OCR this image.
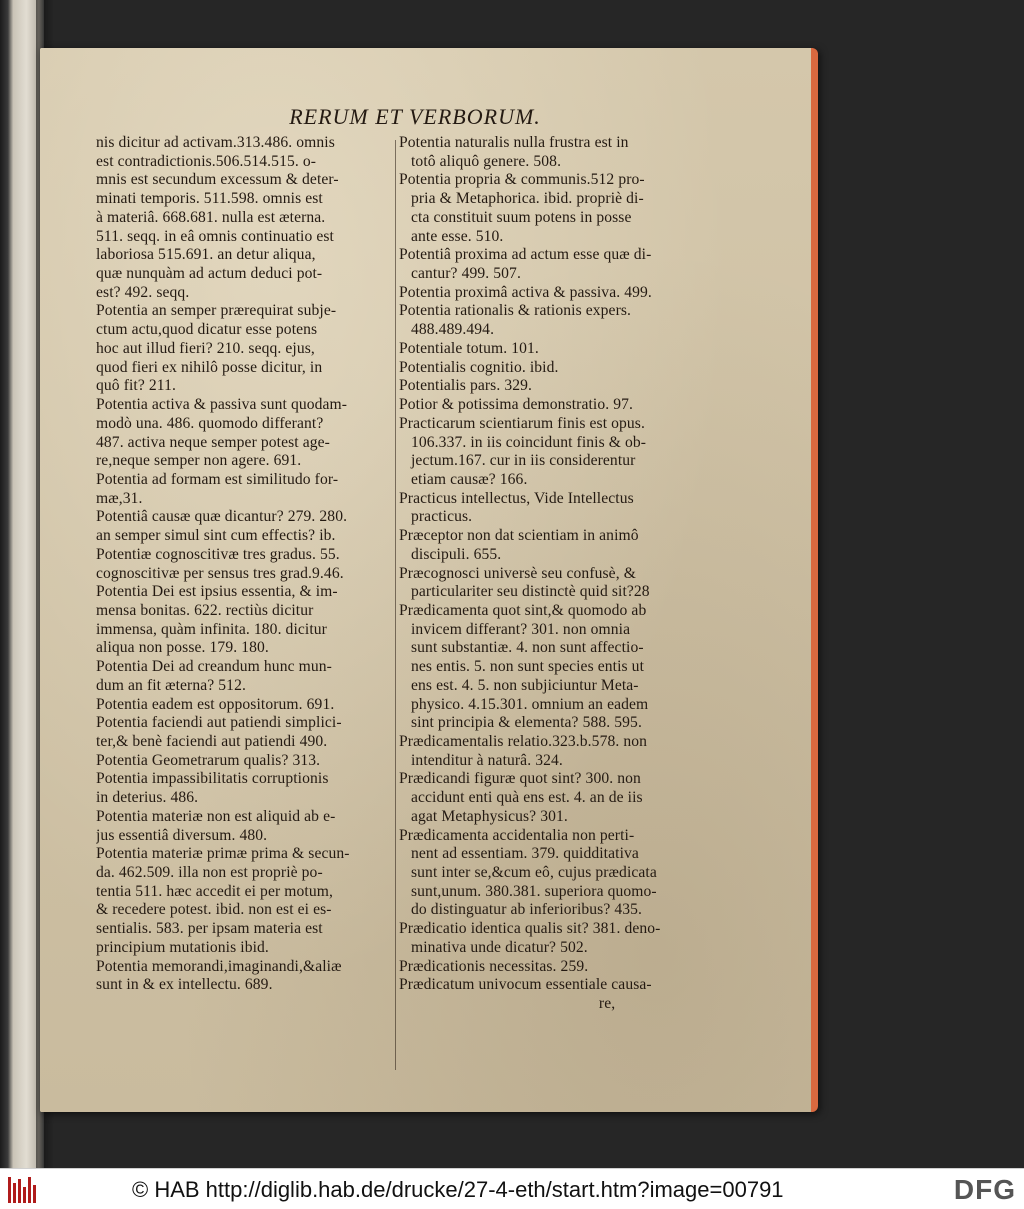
RERUM ET VERBORUM.
nis dicitur ad activam.313.486. omnis
est contradictionis.506.514.515. o-
mnis est secundum excessum & deter-
minati temporis. 511.598. omnis est
à materiâ. 668.681. nulla est æterna.
511. seqq. in eâ omnis continuatio est
laboriosa 515.691. an detur aliqua,
quæ nunquàm ad actum deduci pot-
est? 492. seqq.
Potentia an semper prærequirat subje-
ctum actu,quod dicatur esse potens
hoc aut illud fieri? 210. seqq. ejus,
quod fieri ex nihilô posse dicitur, in
quô fit? 211.
Potentia activa & passiva sunt quodam-
modò una. 486. quomodo differant?
487. activa neque semper potest age-
re,neque semper non agere. 691.
Potentia ad formam est similitudo for-
mæ,31.
Potentiâ causæ quæ dicantur? 279. 280.
an semper simul sint cum effectis? ib.
Potentiæ cognoscitivæ tres gradus. 55.
cognoscitivæ per sensus tres grad.9.46.
Potentia Dei est ipsius essentia, & im-
mensa bonitas. 622. rectiùs dicitur
immensa, quàm infinita. 180. dicitur
aliqua non posse. 179. 180.
Potentia Dei ad creandum hunc mun-
dum an fit æterna? 512.
Potentia eadem est oppositorum. 691.
Potentia faciendi aut patiendi simplici-
ter,& benè faciendi aut patiendi 490.
Potentia Geometrarum qualis? 313.
Potentia impassibilitatis corruptionis
in deterius. 486.
Potentia materiæ non est aliquid ab e-
jus essentiâ diversum. 480.
Potentia materiæ primæ prima & secun-
da. 462.509. illa non est propriè po-
tentia 511. hæc accedit ei per motum,
& recedere potest. ibid. non est ei es-
sentialis. 583. per ipsam materia est
principium mutationis ibid.
Potentia memorandi,imaginandi,&aliæ
sunt in & ex intellectu. 689.
Potentia naturalis nulla frustra est in
totô aliquô genere. 508.
Potentia propria & communis.512 pro-
pria & Metaphorica. ibid. propriè di-
cta constituit suum potens in posse
ante esse. 510.
Potentiâ proxima ad actum esse quæ di-
cantur? 499. 507.
Potentia proximâ activa & passiva. 499.
Potentia rationalis & rationis expers.
488.489.494.
Potentiale totum. 101.
Potentialis cognitio. ibid.
Potentialis pars. 329.
Potior & potissima demonstratio. 97.
Practicarum scientiarum finis est opus.
106.337. in iis coincidunt finis & ob-
jectum.167. cur in iis considerentur
etiam causæ? 166.
Practicus intellectus, Vide Intellectus
practicus.
Præceptor non dat scientiam in animô
discipuli. 655.
Præcognosci universè seu confusè, &
particulariter seu distinctè quid sit?28
Prædicamenta quot sint,& quomodo ab
invicem differant? 301. non omnia
sunt substantiæ. 4. non sunt affectio-
nes entis. 5. non sunt species entis ut
ens est. 4. 5. non subjiciuntur Meta-
physico. 4.15.301. omnium an eadem
sint principia & elementa? 588. 595.
Prædicamentalis relatio.323.b.578. non
intenditur à naturâ. 324.
Prædicandi figuræ quot sint? 300. non
accidunt enti quà ens est. 4. an de iis
agat Metaphysicus? 301.
Prædicamenta accidentalia non perti-
nent ad essentiam. 379. quidditativa
sunt inter se,&cum eô, cujus prædicata
sunt,unum. 380.381. superiora quomo-
do distinguatur ab inferioribus? 435.
Prædicatio identica qualis sit? 381. deno-
minativa unde dicatur? 502.
Prædicationis necessitas. 259.
Prædicatum univocum essentiale causa-
re,
© HAB http://diglib.hab.de/drucke/27-4-eth/start.htm?image=00791	DFG
